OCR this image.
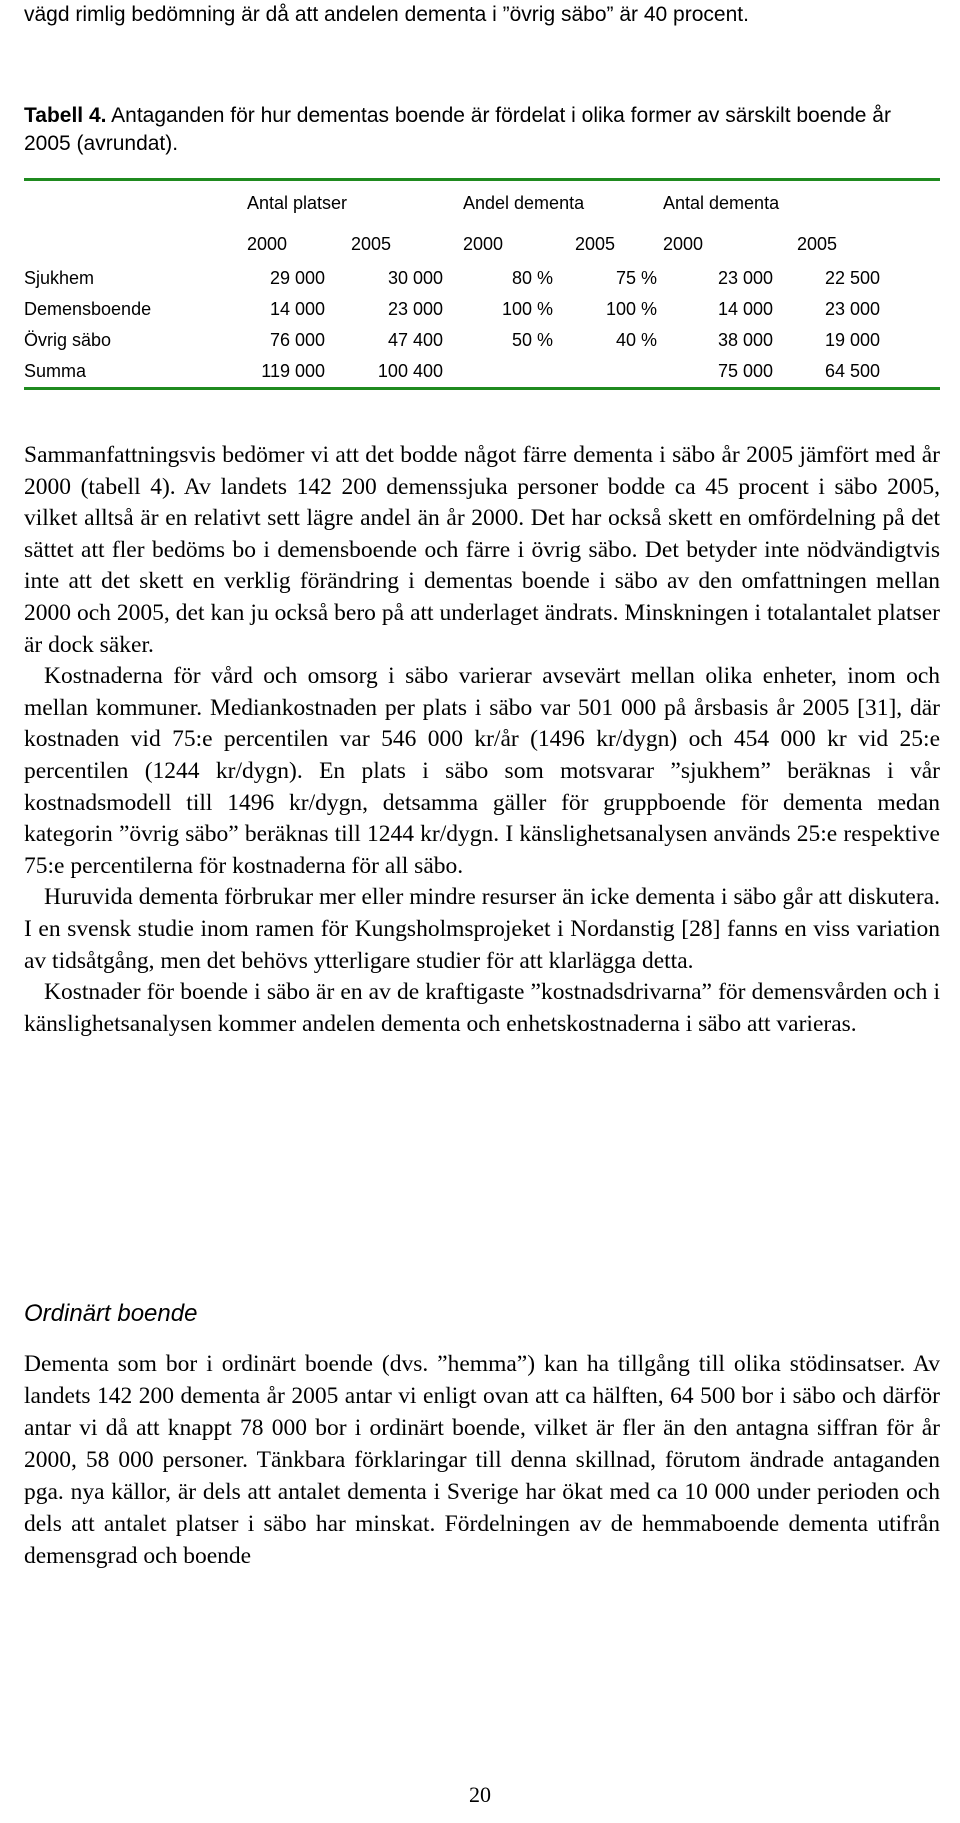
vägd rimlig bedömning är då att andelen dementa i ”övrig säbo” är 40 procent.
Tabell 4. Antaganden för hur dementas boende är fördelat i olika former av särskilt boende år 2005 (avrundat).
	Antal platser		Andel dementa		Antal dementa		
	2000	2005	2000	2005	2000	2005	
Sjukhem	29 000	30 000	80 %	75 %	23 000	22 500	
Demensboende	14 000	23 000	100 %	100 %	14 000	23 000	
Övrig säbo	76 000	47 400	50 %	40 %	38 000	19 000	
Summa	119 000	100 400			75 000	64 500	

Sammanfattningsvis bedömer vi att det bodde något färre dementa i säbo år 2005 jämfört med år 2000 (tabell 4). Av landets 142 200 demenssjuka personer bodde ca 45 procent i säbo 2005, vilket alltså är en relativt sett lägre andel än år 2000. Det har också skett en omfördelning på det sättet att fler bedöms bo i demensboende och färre i övrig säbo. Det betyder inte nödvändigtvis inte att det skett en verklig förändring i dementas boende i säbo av den omfattningen mellan 2000 och 2005, det kan ju också bero på att underlaget ändrats. Minskningen i totalantalet platser är dock säker.

Kostnaderna för vård och omsorg i säbo varierar avsevärt mellan olika enheter, inom och mellan kommuner. Mediankostnaden per plats i säbo var 501 000 på årsbasis år 2005 [31], där kostnaden vid 75:e percentilen var 546 000 kr/år (1496 kr/dygn) och 454 000 kr vid 25:e percentilen (1244 kr/dygn). En plats i säbo som motsvarar ”sjukhem” beräknas i vår kostnadsmodell till 1496 kr/dygn, detsamma gäller för gruppboende för dementa medan kategorin ”övrig säbo” beräknas till 1244 kr/dygn. I känslighetsanalysen används 25:e respektive 75:e percentilerna för kostnaderna för all säbo.

Huruvida dementa förbrukar mer eller mindre resurser än icke dementa i säbo går att diskutera. I en svensk studie inom ramen för Kungsholmsprojeket i Nordanstig [28] fanns en viss variation av tidsåtgång, men det behövs ytterligare studier för att klarlägga detta.

Kostnader för boende i säbo är en av de kraftigaste ”kostnadsdrivarna” för demensvården och i känslighetsanalysen kommer andelen dementa och enhetskostnaderna i säbo att varieras.

Ordinärt boende

Dementa som bor i ordinärt boende (dvs. ”hemma”) kan ha tillgång till olika stödinsatser. Av landets 142 200 dementa år 2005 antar vi enligt ovan att ca hälften, 64 500 bor i säbo och därför antar vi då att knappt 78 000 bor i ordinärt boende, vilket är fler än den antagna siffran för år 2000, 58 000 personer. Tänkbara förklaringar till denna skillnad, förutom ändrade antaganden pga. nya källor, är dels att antalet dementa i Sverige har ökat med ca 10 000 under perioden och dels att antalet platser i säbo har minskat. Fördelningen av de hemmaboende dementa utifrån demensgrad och boende

20
